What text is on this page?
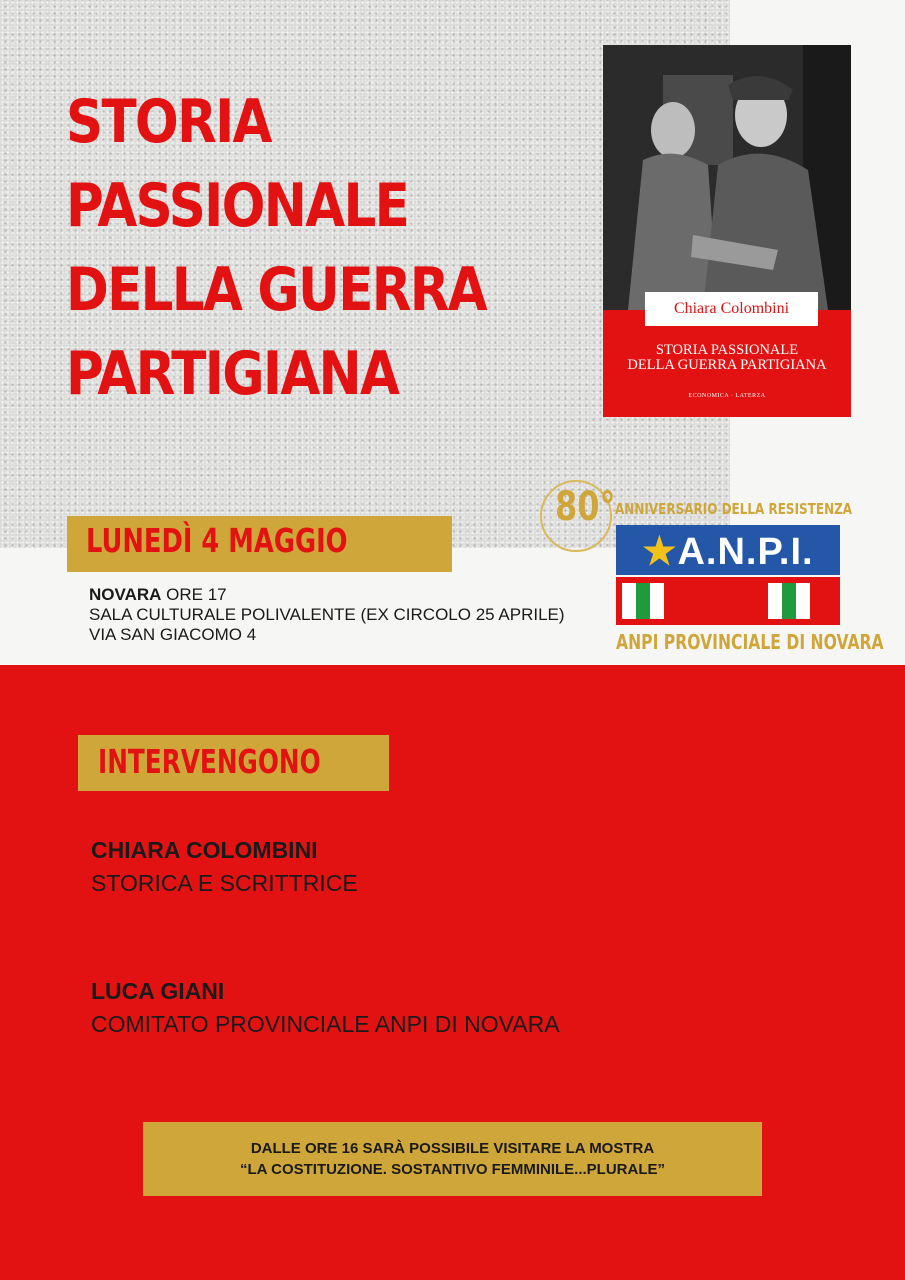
STORIA
PASSIONALE
DELLA GUERRA
PARTIGIANA
Chiara Colombini
STORIA PASSIONALE
DELLA GUERRA PARTIGIANA
ECONOMICA · LATERZA
LUNEDÌ 4 MAGGIO
NOVARA ORE 17
SALA CULTURALE POLIVALENTE (EX CIRCOLO 25 APRILE)
VIA SAN GIACOMO 4
80° ANNIVERSARIO DELLA RESISTENZA
★A.N.P.I.
ANPI PROVINCIALE DI NOVARA
INTERVENGONO
CHIARA COLOMBINI
STORICA E SCRITTRICE
LUCA GIANI
COMITATO PROVINCIALE ANPI DI NOVARA
DALLE ORE 16 SARÀ POSSIBILE VISITARE LA MOSTRA
“LA COSTITUZIONE. SOSTANTIVO FEMMINILE...PLURALE”
